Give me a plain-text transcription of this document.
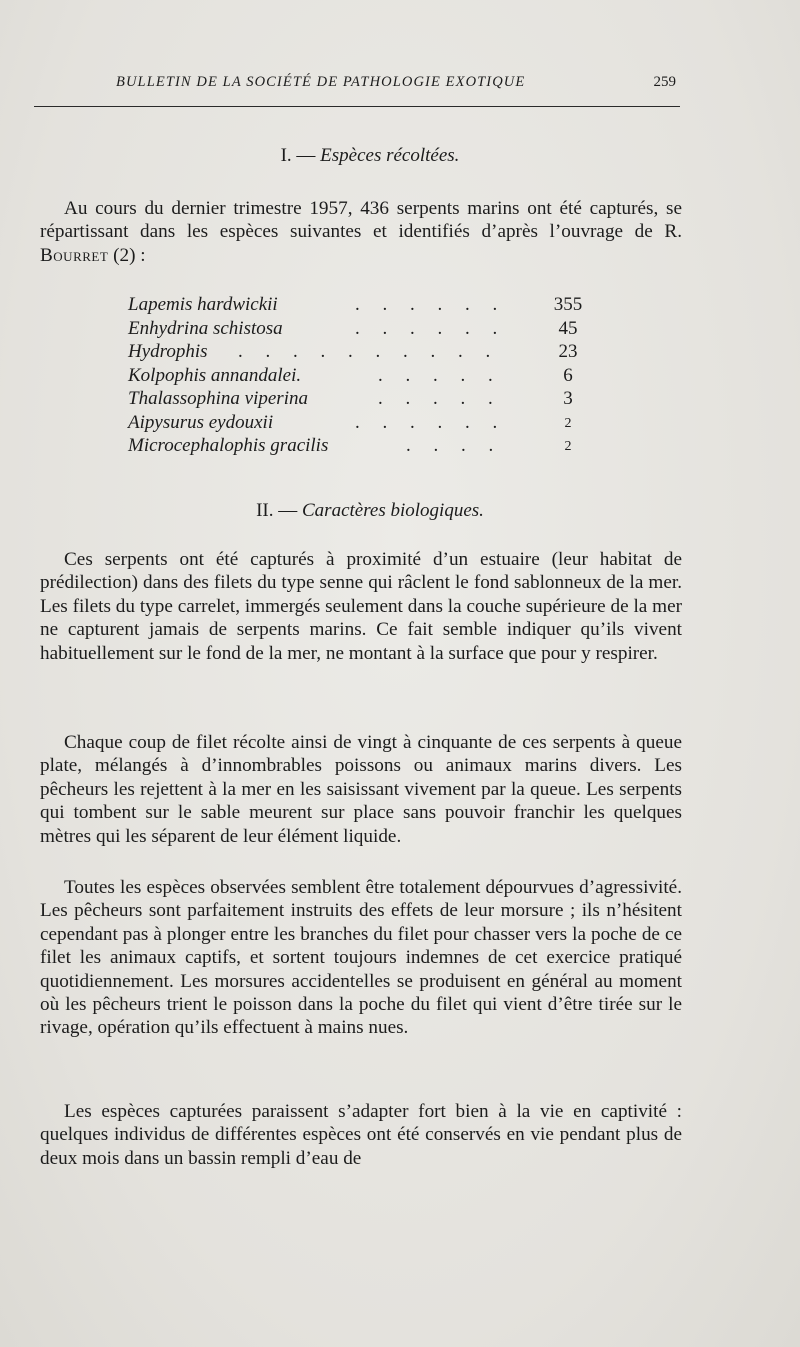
BULLETIN DE LA SOCIÉTÉ DE PATHOLOGIE EXOTIQUE	259
I. — Espèces récoltées.
Au cours du dernier trimestre 1957, 436 serpents marins ont été capturés, se répartissant dans les espèces suivantes et identifiés d’après l’ouvrage de R. Bourret (2) :
Lapemis hardwickii	. . . . . .	355
Enhydrina schistosa	. . . . . .	45
Hydrophis . . . . . . . . . .	23
Kolpophis annandalei.	. . . . .	6
Thalassophina viperina	. . . . .	3
Aipysurus eydouxii	. . . . . .	2
Microcephalophis gracilis	. . . .	2
II. — Caractères biologiques.
Ces serpents ont été capturés à proximité d’un estuaire (leur habitat de prédilection) dans des filets du type senne qui râclent le fond sablonneux de la mer. Les filets du type carrelet, immergés seulement dans la couche supérieure de la mer ne capturent jamais de serpents marins. Ce fait semble indiquer qu’ils vivent habituellement sur le fond de la mer, ne montant à la surface que pour y respirer.
Chaque coup de filet récolte ainsi de vingt à cinquante de ces serpents à queue plate, mélangés à d’innombrables poissons ou animaux marins divers. Les pêcheurs les rejettent à la mer en les saisissant vivement par la queue. Les serpents qui tombent sur le sable meurent sur place sans pouvoir franchir les quelques mètres qui les séparent de leur élément liquide.
Toutes les espèces observées semblent être totalement dépourvues d’agressivité. Les pêcheurs sont parfaitement instruits des effets de leur morsure ; ils n’hésitent cependant pas à plonger entre les branches du filet pour chasser vers la poche de ce filet les animaux captifs, et sortent toujours indemnes de cet exercice pratiqué quotidiennement. Les morsures accidentelles se produisent en général au moment où les pêcheurs trient le poisson dans la poche du filet qui vient d’être tirée sur le rivage, opération qu’ils effectuent à mains nues.
Les espèces capturées paraissent s’adapter fort bien à la vie en captivité : quelques individus de différentes espèces ont été conservés en vie pendant plus de deux mois dans un bassin rempli d’eau de
